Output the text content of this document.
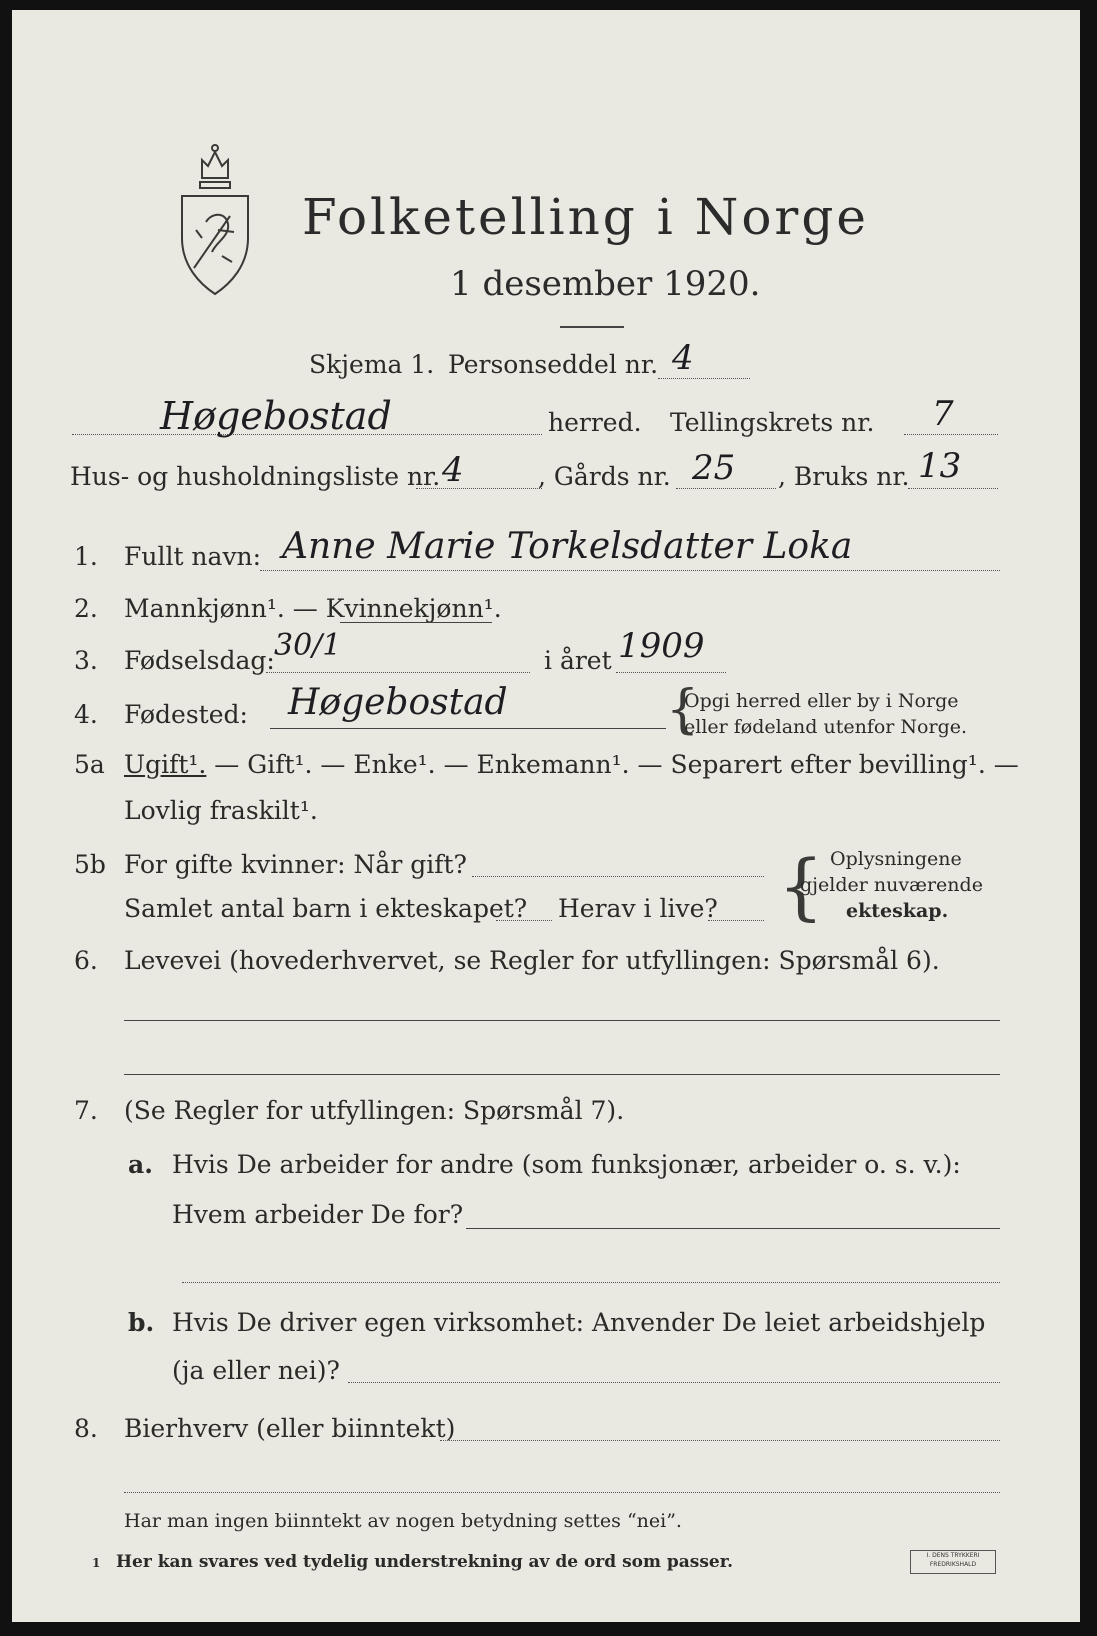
Folketelling i Norge
1 desember 1920.
Skjema 1. Personseddel nr. 4
Høgebostad	herred. Tellingskrets nr. 7
Hus- og husholdningsliste nr. 4	, Gårds nr. 25 , Bruks nr. 13
1. Fullt navn: Anne Marie Torkelsdatter Loka
2. Mannkjønn¹. — Kvinnekjønn¹.
3. Fødselsdag: 30/1	i året 1909
4. Fødested: Høgebostad	{
Opgi herred eller by i Norge
eller fødeland utenfor Norge.
5a Ugift¹. — Gift¹. — Enke¹. — Enkemann¹. — Separert efter bevilling¹. —
Lovlig fraskilt¹.
5b For gifte kvinner: Når gift?
Samlet antal barn i ekteskapet? Herav i live? { Oplysningene
gjelder nuværende
ekteskap.
6. Levevei (hovederhvervet, se Regler for utfyllingen: Spørsmål 6).
7. (Se Regler for utfyllingen: Spørsmål 7).
a. Hvis De arbeider for andre (som funksjonær, arbeider o. s. v.):
Hvem arbeider De for?
b. Hvis De driver egen virksomhet: Anvender De leiet arbeidshjelp
(ja eller nei)?
8. Bierhverv (eller biinntekt)
Har man ingen biinntekt av nogen betydning settes “nei”.
1 Her kan svares ved tydelig understrekning av de ord som passer.	I. DENS TRYKKERI
FREDRIKSHALD
